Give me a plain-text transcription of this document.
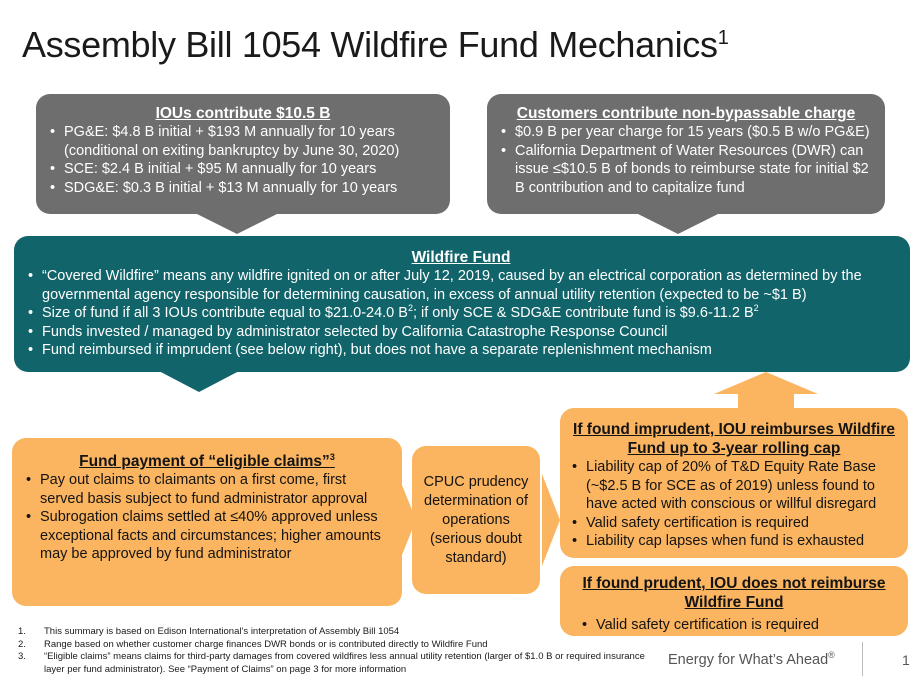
Assembly Bill 1054 Wildfire Fund Mechanics$^1$
IOUs contribute $10.5 B
• PG&E: $4.8 B initial + $193 M annually for 10 years (conditional on exiting bankruptcy by June 30, 2020)
• SCE: $2.4 B initial + $95 M annually for 10 years
• SDG&E: $0.3 B initial + $13 M annually for 10 years
Customers contribute non-bypassable charge
• $0.9 B per year charge for 15 years ($0.5 B w/o PG&E)
• California Department of Water Resources (DWR) can issue ≤$10.5 B of bonds to reimburse state for initial $2 B contribution and to capitalize fund
Wildfire Fund
• “Covered Wildfire” means any wildfire ignited on or after July 12, 2019, caused by an electrical corporation as determined by the governmental agency responsible for determining causation, in excess of annual utility retention (expected to be ~$1 B)
• Size of fund if all 3 IOUs contribute equal to $21.0-24.0 $B^2$; if only SCE & SDG&E contribute fund is $9.6-11.2 $B^2$
• Funds invested / managed by administrator selected by California Catastrophe Response Council
• Fund reimbursed if imprudent (see below right), but does not have a separate replenishment mechanism
Fund payment of “eligible claims”$^3$
• Pay out claims to claimants on a first come, first served basis subject to fund administrator approval
• Subrogation claims settled at ≤40% approved unless exceptional facts and circumstances; higher amounts may be approved by fund administrator
CPUC prudency determination of operations (serious doubt standard)
If found imprudent, IOU reimburses Wildfire Fund up to 3-year rolling cap
• Liability cap of 20% of T&D Equity Rate Base (~$2.5 B for SCE as of 2019) unless found to have acted with conscious or willful disregard
• Valid safety certification is required
• Liability cap lapses when fund is exhausted
If found prudent, IOU does not reimburse Wildfire Fund
• Valid safety certification is required
1. This summary is based on Edison International’s interpretation of Assembly Bill 1054
2. Range based on whether customer charge finances DWR bonds or is contributed directly to Wildfire Fund
3. “Eligible claims” means claims for third-party damages from covered wildfires less annual utility retention (larger of $1.0 B or required insurance layer per fund administrator). See “Payment of Claims” on page 3 for more information
Energy for What’s Ahead®	1
